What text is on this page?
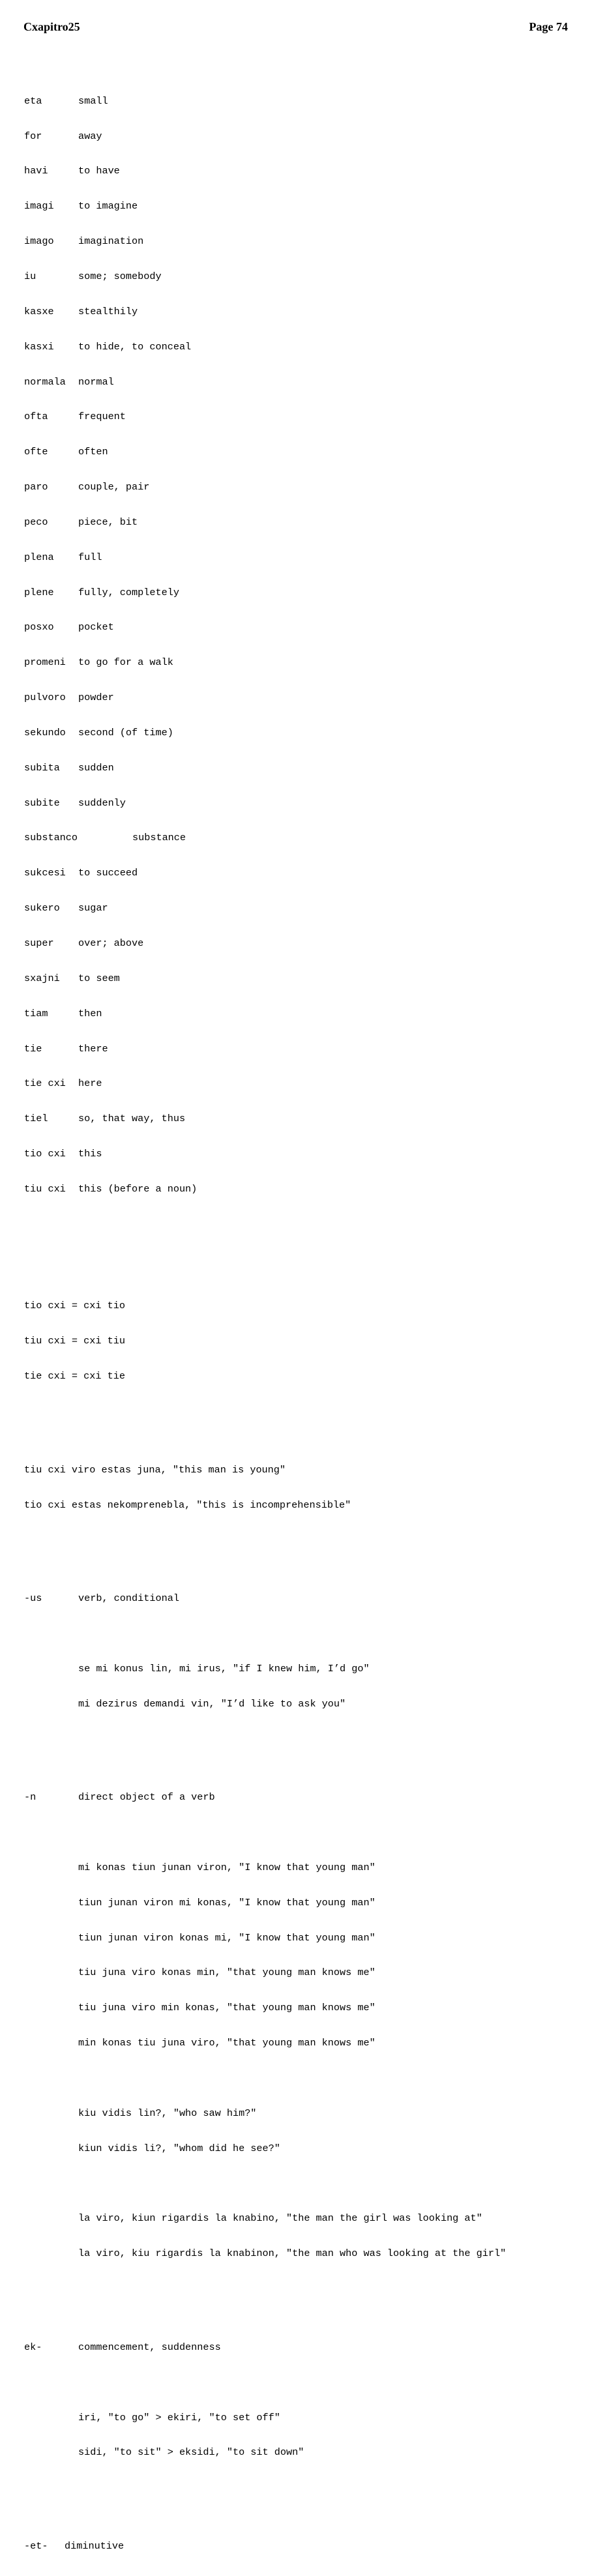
Cxapitro25	Page 74

eta	small

for	away

havi	to have

imagi to imagine

imago imagination

iu	some; somebody

kasxe stealthily

kasxi to hide, to conceal

normala normal

ofta	frequent

ofte	often

paro	couple, pair

peco	piece, bit

plena full

plene fully, completely

posxo pocket

promeni to go for a walk

pulvoro powder

sekundo second (of time)

subita sudden

subite suddenly

substanco	substance

sukcesi to succeed

sukero sugar

super over; above

sxajni to seem

tiam	then

tie	there

tie cxi here

tiel	so, that way, thus

tio cxi this

tiu cxi this (before a noun)

tio cxi = cxi tio

tiu cxi = cxi tiu

tie cxi = cxi tie

tiu cxi viro estas juna, "this man is young"

tio cxi estas nekomprenebla, "this is incomprehensible"

-us	verb, conditional

se mi konus lin, mi irus, "if I knew him, I’d go"

mi dezirus demandi vin, "I’d like to ask you"

-n	direct object of a verb

mi konas tiun junan viron, "I know that young man"

tiun junan viron mi konas, "I know that young man"

tiun junan viron konas mi, "I know that young man"

tiu juna viro konas min, "that young man knows me"

tiu juna viro min konas, "that young man knows me"

min konas tiu juna viro, "that young man knows me"

kiu vidis lin?, "who saw him?"

kiun vidis li?, "whom did he see?"

la viro, kiun rigardis la knabino, "the man the girl was looking at"

la viro, kiu rigardis la knabinon, "the man who was looking at the girl"

ek-	commencement, suddenness

iri, "to go" > ekiri, "to set off"

sidi, "to sit" > eksidi, "to sit down"

-et- diminutive
